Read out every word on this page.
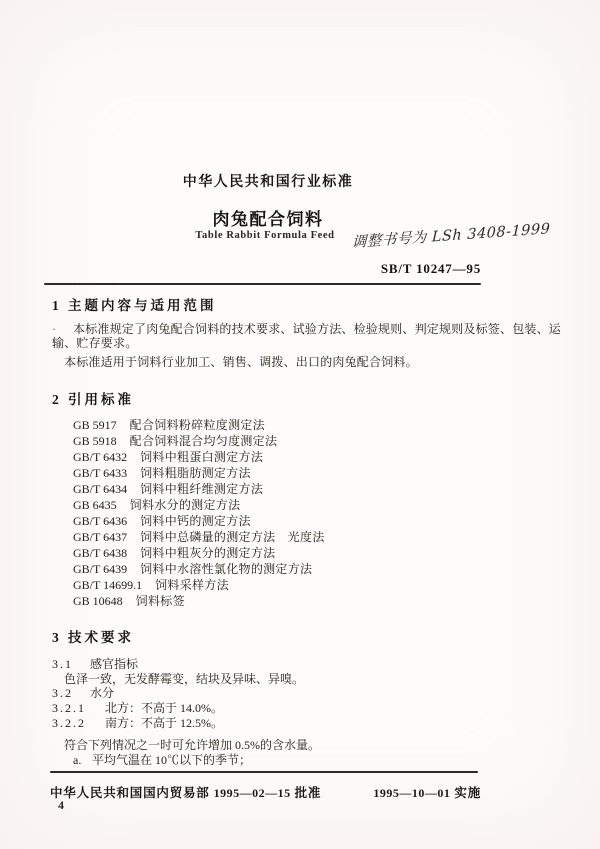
中华人民共和国行业标准
肉兔配合饲料
Table Rabbit Formula Feed	调整书号为 LSh 3408-1999
SB/T 10247—95
1 主题内容与适用范围
· 本标准规定了肉兔配合饲料的技术要求、试验方法、检验规则、判定规则及标签、包装、运
输、贮存要求。
本标准适用于饲料行业加工、销售、调拨、出口的肉兔配合饲料。
2 引用标准
GB 5917 配合饲料粉碎粒度测定法
GB 5918 配合饲料混合均匀度测定法
GB/T 6432 饲料中粗蛋白测定方法
GB/T 6433 饲料粗脂肪测定方法
GB/T 6434 饲料中粗纤维测定方法
GB 6435 饲料水分的测定方法
GB/T 6436 饲料中钙的测定方法
GB/T 6437 饲料中总磷量的测定方法　光度法
GB/T 6438 饲料中粗灰分的测定方法
GB/T 6439 饲料中水溶性氯化物的测定方法
GB/T 14699.1 饲料采样方法
GB 10648 饲料标签
3 技术要求
3.1 感官指标
色泽一致，无发酵霉变，结块及异味、异嗅。
3.2 水分
3.2.1 北方：不高于 14.0%。
3.2.2 南方：不高于 12.5%。
符合下列情况之一时可允许增加 0.5%的含水量。
a. 平均气温在 10℃以下的季节；
中华人民共和国国内贸易部 1995—02—15 批准	1995—10—01 实施
4
